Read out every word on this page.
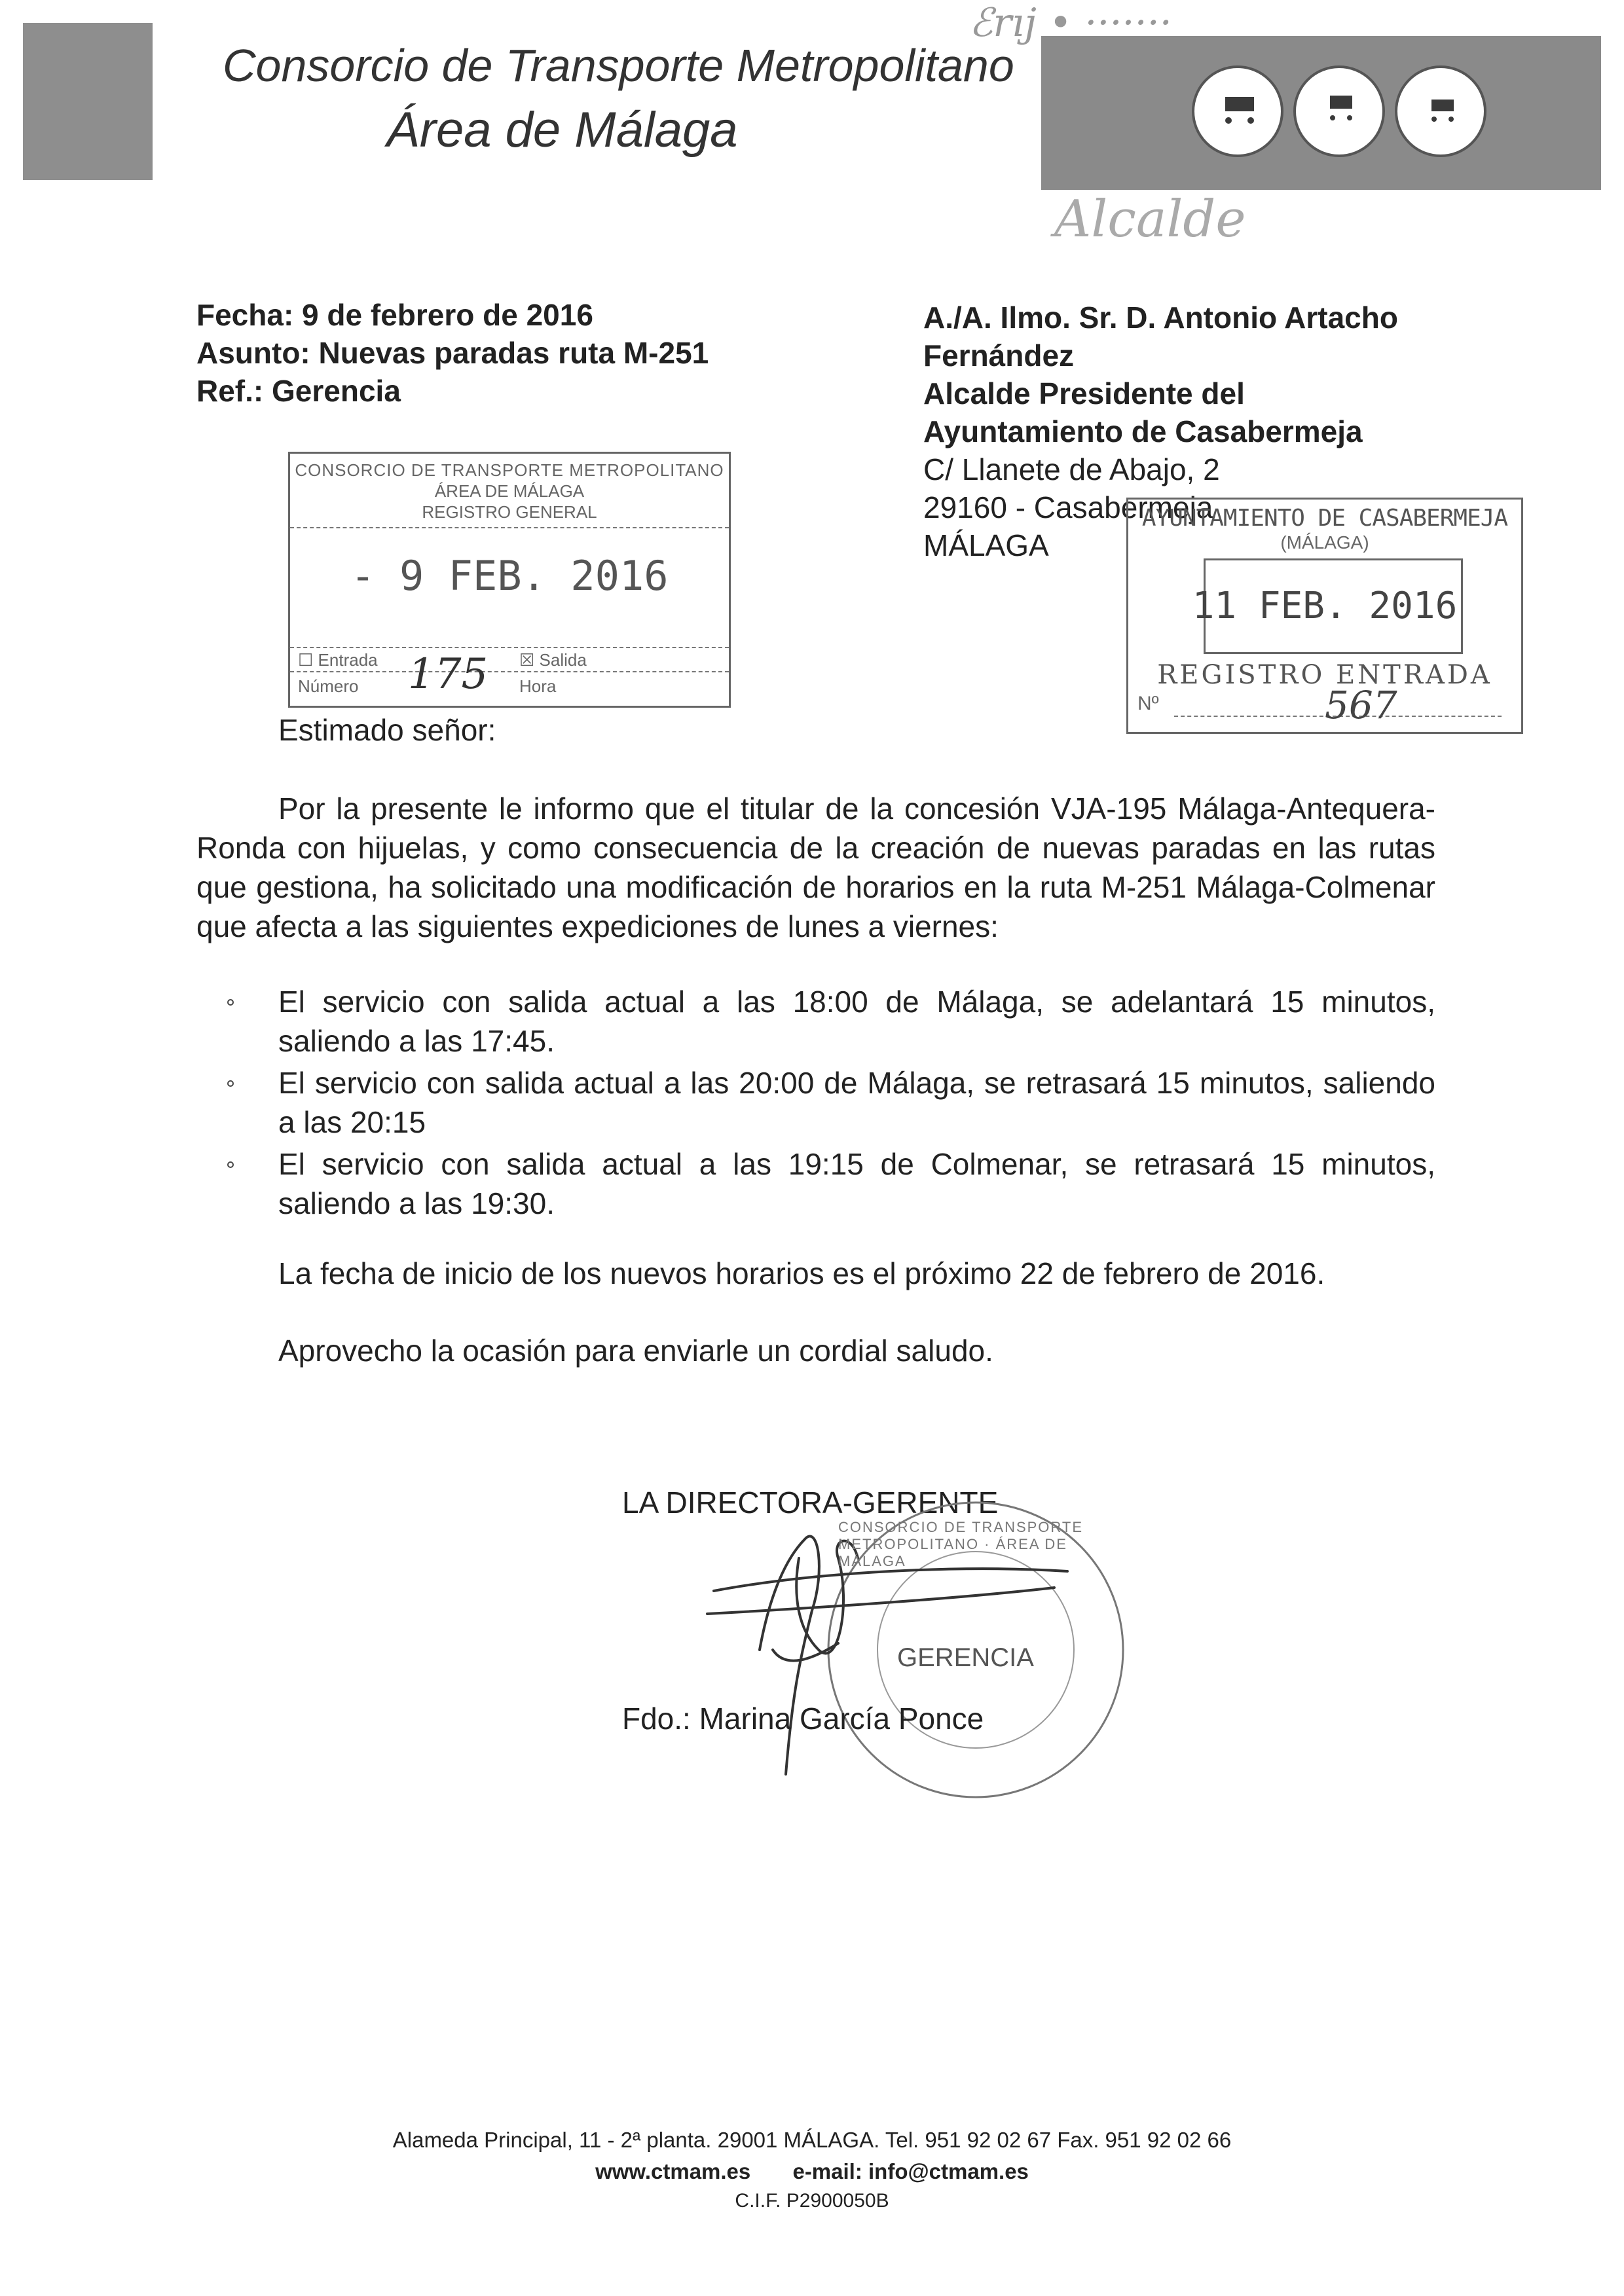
Consorcio de Transporte Metropolitano
Área de Málaga
ℰrıj • ·······
Alcalde
Fecha: 9 de febrero de 2016
Asunto: Nuevas paradas ruta M-251
Ref.: Gerencia
A./A. Ilmo. Sr. D. Antonio Artacho
Fernández
Alcalde Presidente del
Ayuntamiento de Casabermeja
C/ Llanete de Abajo, 2
29160 - Casabermeja
MÁLAGA
CONSORCIO DE TRANSPORTE METROPOLITANO
ÁREA DE MÁLAGA
REGISTRO GENERAL
- 9 FEB. 2016
☐ Entrada	☒ Salida
Número	Hora
175
AYUNTAMIENTO DE CASABERMEJA
(MÁLAGA)
11 FEB. 2016
REGISTRO ENTRADA
Nº	567
Estimado señor:
Por la presente le informo que el titular de la concesión VJA-195 Málaga-Antequera-Ronda con hijuelas, y como consecuencia de la creación de nuevas paradas en las rutas que gestiona, ha solicitado una modificación de horarios en la ruta M-251 Málaga-Colmenar que afecta a las siguientes expediciones de lunes a viernes:
El servicio con salida actual a las 18:00 de Málaga, se adelantará 15 minutos, saliendo a las 17:45.
El servicio con salida actual a las 20:00 de Málaga, se retrasará 15 minutos, saliendo a las 20:15
El servicio con salida actual a las 19:15 de Colmenar, se retrasará 15 minutos, saliendo a las 19:30.
La fecha de inicio de los nuevos horarios es el próximo 22 de febrero de 2016.
Aprovecho la ocasión para enviarle un cordial saludo.
LA DIRECTORA-GERENTE
GERENCIA
CONSORCIO DE TRANSPORTE METROPOLITANO · ÁREA DE MÁLAGA
Fdo.: Marina García Ponce
Alameda Principal, 11 - 2ª planta. 29001 MÁLAGA. Tel. 951 92 02 67 Fax. 951 92 02 66
www.ctmam.es e-mail: info@ctmam.es
C.I.F. P2900050B
